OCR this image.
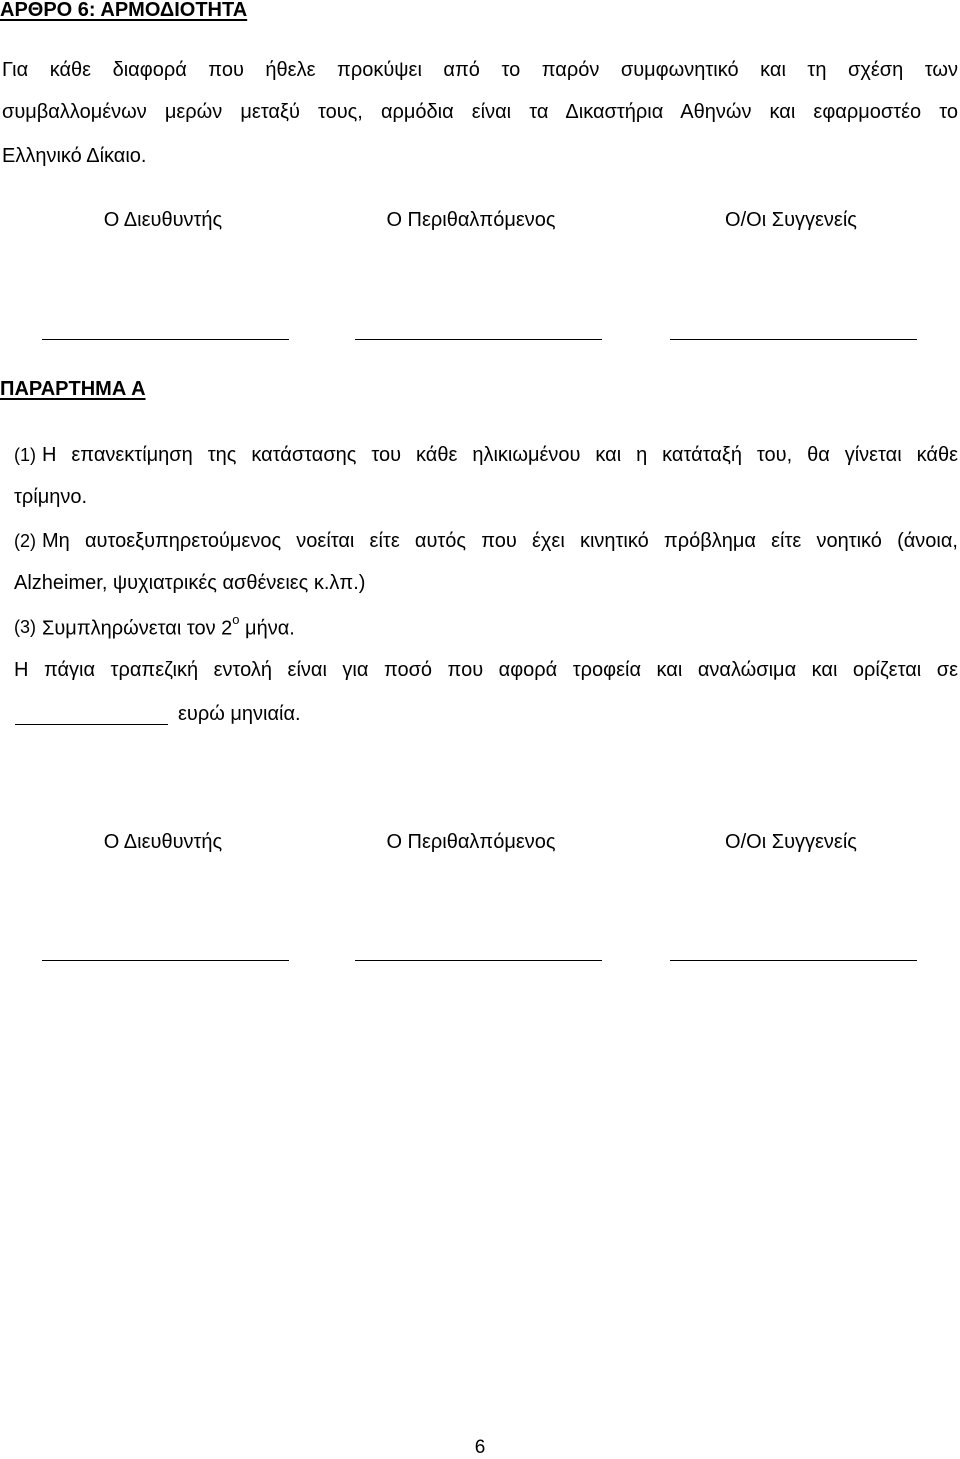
ΑΡΘΡΟ 6: ΑΡΜΟΔΙΟΤΗΤΑ
Για κάθε διαφορά που ήθελε προκύψει από το παρόν συμφωνητικό και τη σχέση των
συμβαλλομένων μερών μεταξύ τους, αρμόδια είναι τα Δικαστήρια Αθηνών και εφαρμοστέο το
Ελληνικό Δίκαιο.
Ο Διευθυντής	Ο Περιθαλπόμενος	Ο/Οι Συγγενείς
ΠΑΡΑΡΤΗΜΑ Α
(1) Η επανεκτίμηση της κατάστασης του κάθε ηλικιωμένου και η κατάταξή του, θα γίνεται κάθε
τρίμηνο.
(2) Μη αυτοεξυπηρετούμενος νοείται είτε αυτός που έχει κινητικό πρόβλημα είτε νοητικό (άνοια,
Alzheimer, ψυχιατρικές ασθένειες κ.λπ.)
(3) Συμπληρώνεται τον $2^o$ μήνα.
Η πάγια τραπεζική εντολή είναι για ποσό που αφορά τροφεία και αναλώσιμα και ορίζεται σε
ευρώ μηνιαία.
Ο Διευθυντής	Ο Περιθαλπόμενος	Ο/Οι Συγγενείς
6
